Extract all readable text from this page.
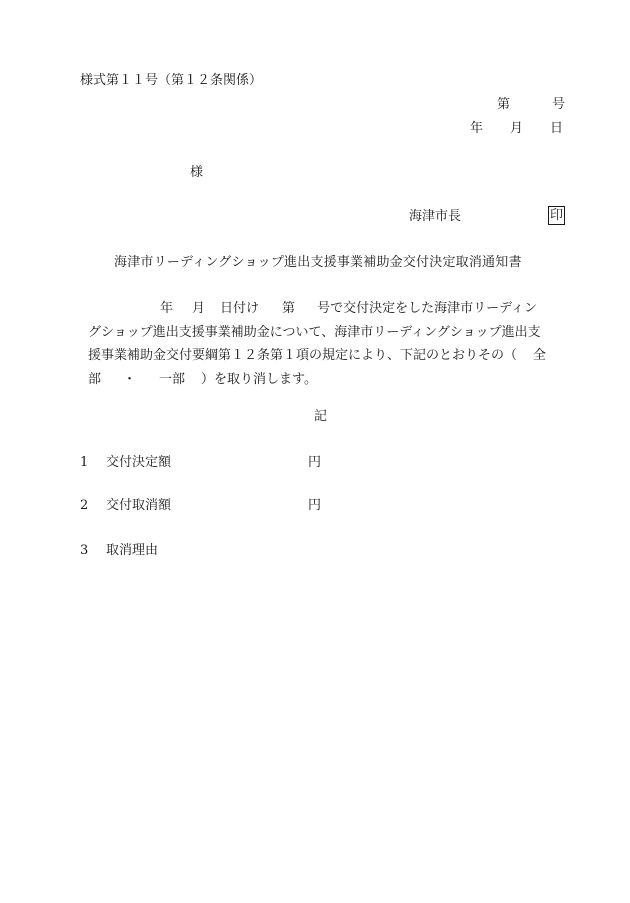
様式第１１号（第１２条関係）
第	号
年 月 日
様
海津市長	印
海津市リーディングショップ進出支援事業補助金交付決定取消通知書
年 月 日付け 第 号で交付決定をした海津市リーディン
グショップ進出支援事業補助金について、海津市リーディングショップ進出支
援事業補助金交付要綱第１２条第１項の規定により、下記のとおりその（ 全
部 ・ 一部 ）を取り消します。
記
1 交付決定額	円
2 交付取消額	円
3 取消理由
